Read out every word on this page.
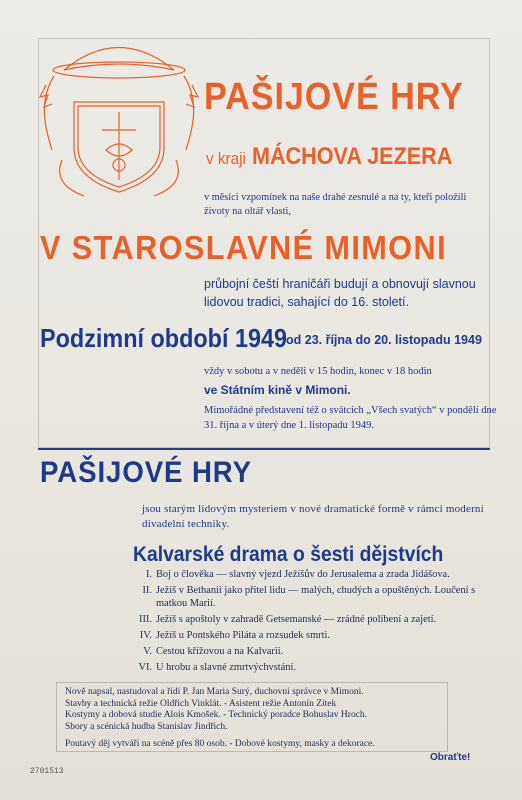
PAŠIJOVÉ HRY
v kraji MÁCHOVA JEZERA
v měsíci vzpomínek na naše drahé zesnulé a na ty, kteří položili životy na oltář vlasti,
V STAROSLAVNÉ MIMONI
průbojní čeští hraničáři budují a obnovují slavnou lidovou tradici, sahající do 16. století.
Podzimní období 1949
od 23. října do 20. listopadu 1949
vždy v sobotu a v neděli v 15 hodin, konec v 18 hodin
ve Státním kině v Mimoni.
Mimořádné představení též o svátcích „Všech svatých“ v pondělí dne 31. října a v úterý dne 1. listopadu 1949.
PAŠIJOVÉ HRY
jsou starým lidovým mysteriem v nové dramatické formě v rámci moderní divadelní techniky.
Kalvarské drama o šesti dějstvích
I. Boj o člověka — slavný vjezd Ježíšův do Jerusalema a zrada Jidášova.
II. Ježíš v Bethanii jako přítel lidu — malých, chudých a opuštěných. Loučení s matkou Marií.
III. Ježíš s apoštoly v zahradě Getsemanské — zrádné políbení a zajetí.
IV. Ježíš u Pontského Piláta a rozsudek smrti.
V. Cestou křížovou a na Kalvarii.
VI. U hrobu a slavné zmrtvýchvstání.
Nově napsal, nastudoval a řídí P. Jan Maria Surý, duchovní správce v Mimoni.
Stavby a technická režie Oldřich Vinklát. - Asistent režie Antonín Zítek
Kostymy a dobová studie Alois Kmošek. - Technický poradce Bohuslav Hroch.
Sbory a scénická hudba Stanislav Jindřich.
Poutavý děj vytváří na scéně přes 80 osob. - Dobové kostymy, masky a dekorace.
2701513
Obraťte!
